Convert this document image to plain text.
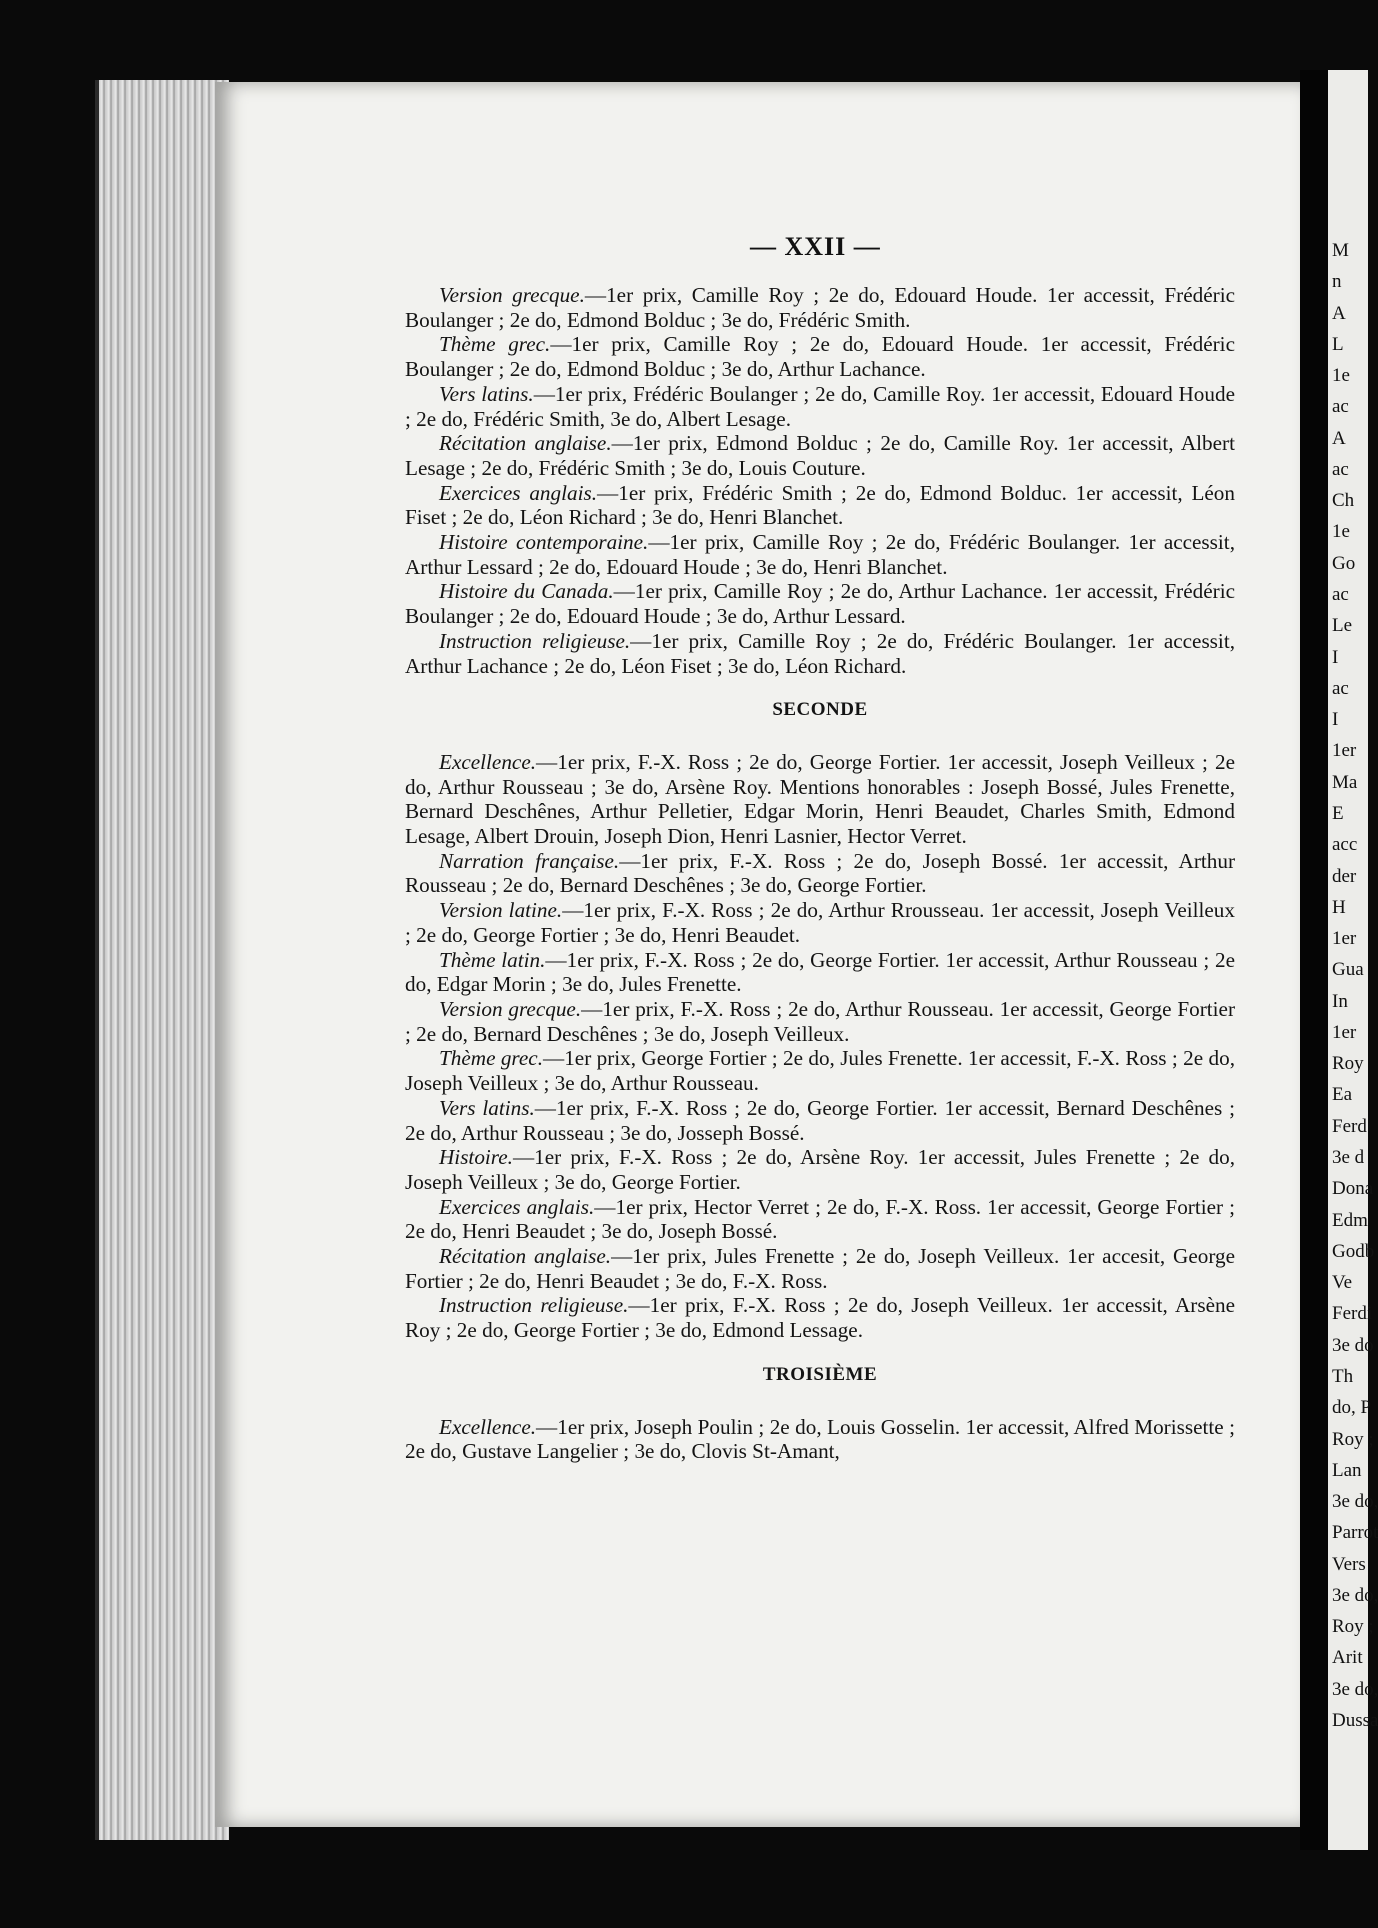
M
n
A
L
1e
ac
A
ac
Ch
1e
Go
ac
Le
I
ac
I
1er
Ma
E
acc
der
H
1er
Gua
In
1er
Roy
Ea
Ferd
3e d
Dona
Edm
Godb
Ve
Ferdi
3e do
Th
do, P
Roy ;
Lan
3e do,
Parrot
Vers
3e do,
Roy ;
Arit
3e do,
Dussa
— XXII —

Version grecque.—1er prix, Camille Roy ; 2e do, Edouard Houde. 1er accessit, Frédéric Boulanger ; 2e do, Edmond Bolduc ; 3e do, Frédéric Smith.

Thème grec.—1er prix, Camille Roy ; 2e do, Edouard Houde. 1er accessit, Frédéric Boulanger ; 2e do, Edmond Bolduc ; 3e do, Arthur Lachance.

Vers latins.—1er prix, Frédéric Boulanger ; 2e do, Camille Roy. 1er accessit, Edouard Houde ; 2e do, Frédéric Smith, 3e do, Albert Lesage.

Récitation anglaise.—1er prix, Edmond Bolduc ; 2e do, Camille Roy. 1er accessit, Albert Lesage ; 2e do, Frédéric Smith ; 3e do, Louis Couture.

Exercices anglais.—1er prix, Frédéric Smith ; 2e do, Edmond Bolduc. 1er accessit, Léon Fiset ; 2e do, Léon Richard ; 3e do, Henri Blanchet.

Histoire contemporaine.—1er prix, Camille Roy ; 2e do, Frédéric Boulanger. 1er accessit, Arthur Lessard ; 2e do, Edouard Houde ; 3e do, Henri Blanchet.

Histoire du Canada.—1er prix, Camille Roy ; 2e do, Arthur Lachance. 1er accessit, Frédéric Boulanger ; 2e do, Edouard Houde ; 3e do, Arthur Lessard.

Instruction religieuse.—1er prix, Camille Roy ; 2e do, Frédéric Boulanger. 1er accessit, Arthur Lachance ; 2e do, Léon Fiset ; 3e do, Léon Richard.

SECONDE

Excellence.—1er prix, F.-X. Ross ; 2e do, George Fortier. 1er accessit, Joseph Veilleux ; 2e do, Arthur Rousseau ; 3e do, Arsène Roy. Mentions honorables : Joseph Bossé, Jules Frenette, Bernard Deschênes, Arthur Pelletier, Edgar Morin, Henri Beaudet, Charles Smith, Edmond Lesage, Albert Drouin, Joseph Dion, Henri Lasnier, Hector Verret.

Narration française.—1er prix, F.-X. Ross ; 2e do, Joseph Bossé. 1er accessit, Arthur Rousseau ; 2e do, Bernard Deschênes ; 3e do, George Fortier.

Version latine.—1er prix, F.-X. Ross ; 2e do, Arthur Rrousseau. 1er accessit, Joseph Veilleux ; 2e do, George Fortier ; 3e do, Henri Beaudet.

Thème latin.—1er prix, F.-X. Ross ; 2e do, George Fortier. 1er accessit, Arthur Rousseau ; 2e do, Edgar Morin ; 3e do, Jules Frenette.

Version grecque.—1er prix, F.-X. Ross ; 2e do, Arthur Rousseau. 1er accessit, George Fortier ; 2e do, Bernard Deschênes ; 3e do, Joseph Veilleux.

Thème grec.—1er prix, George Fortier ; 2e do, Jules Frenette. 1er accessit, F.-X. Ross ; 2e do, Joseph Veilleux ; 3e do, Arthur Rousseau.

Vers latins.—1er prix, F.-X. Ross ; 2e do, George Fortier. 1er accessit, Bernard Deschênes ; 2e do, Arthur Rousseau ; 3e do, Josseph Bossé.

Histoire.—1er prix, F.-X. Ross ; 2e do, Arsène Roy. 1er accessit, Jules Frenette ; 2e do, Joseph Veilleux ; 3e do, George Fortier.

Exercices anglais.—1er prix, Hector Verret ; 2e do, F.-X. Ross. 1er accessit, George Fortier ; 2e do, Henri Beaudet ; 3e do, Joseph Bossé.

Récitation anglaise.—1er prix, Jules Frenette ; 2e do, Joseph Veilleux. 1er accesit, George Fortier ; 2e do, Henri Beaudet ; 3e do, F.-X. Ross.

Instruction religieuse.—1er prix, F.-X. Ross ; 2e do, Joseph Veilleux. 1er accessit, Arsène Roy ; 2e do, George Fortier ; 3e do, Edmond Lessage.

TROISIÈME

Excellence.—1er prix, Joseph Poulin ; 2e do, Louis Gosselin. 1er accessit, Alfred Morissette ; 2e do, Gustave Langelier ; 3e do, Clovis St-Amant,
